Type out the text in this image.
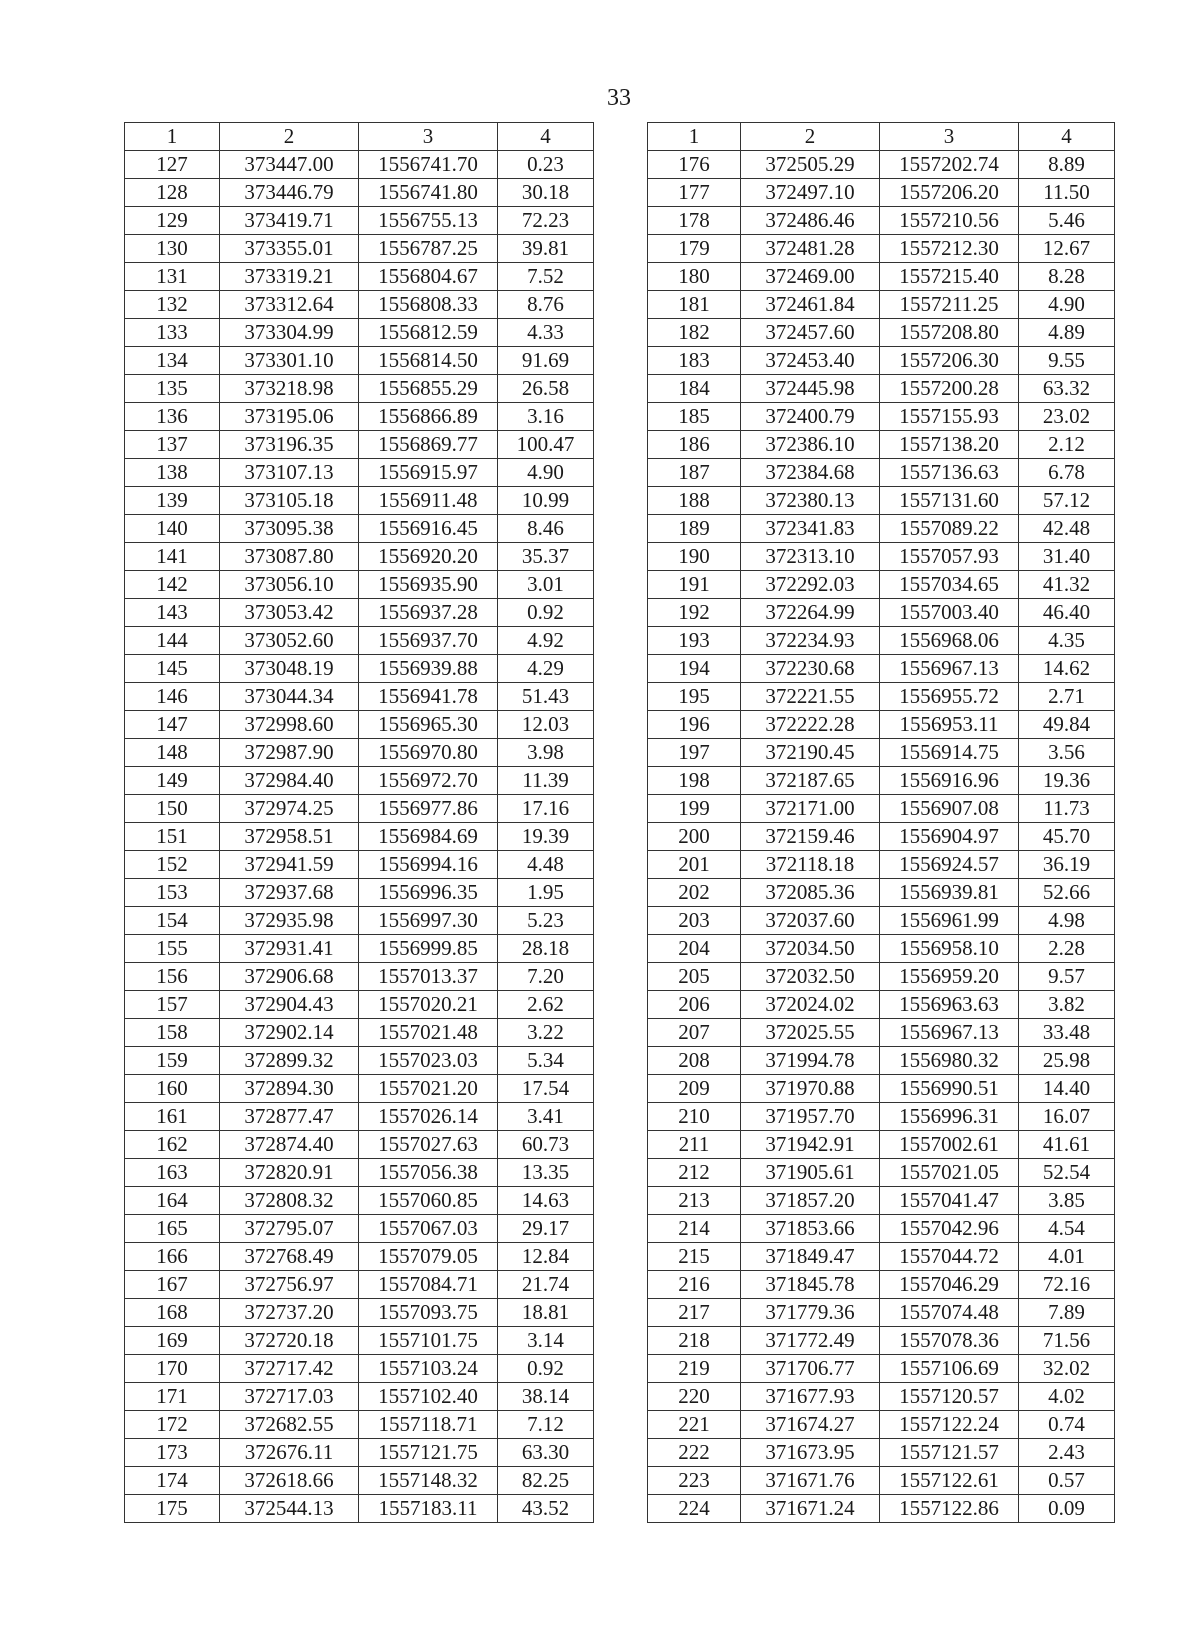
33
1	2	3	4
127	373447.00	1556741.70	0.23
128	373446.79	1556741.80	30.18
129	373419.71	1556755.13	72.23
130	373355.01	1556787.25	39.81
131	373319.21	1556804.67	7.52
132	373312.64	1556808.33	8.76
133	373304.99	1556812.59	4.33
134	373301.10	1556814.50	91.69
135	373218.98	1556855.29	26.58
136	373195.06	1556866.89	3.16
137	373196.35	1556869.77	100.47
138	373107.13	1556915.97	4.90
139	373105.18	1556911.48	10.99
140	373095.38	1556916.45	8.46
141	373087.80	1556920.20	35.37
142	373056.10	1556935.90	3.01
143	373053.42	1556937.28	0.92
144	373052.60	1556937.70	4.92
145	373048.19	1556939.88	4.29
146	373044.34	1556941.78	51.43
147	372998.60	1556965.30	12.03
148	372987.90	1556970.80	3.98
149	372984.40	1556972.70	11.39
150	372974.25	1556977.86	17.16
151	372958.51	1556984.69	19.39
152	372941.59	1556994.16	4.48
153	372937.68	1556996.35	1.95
154	372935.98	1556997.30	5.23
155	372931.41	1556999.85	28.18
156	372906.68	1557013.37	7.20
157	372904.43	1557020.21	2.62
158	372902.14	1557021.48	3.22
159	372899.32	1557023.03	5.34
160	372894.30	1557021.20	17.54
161	372877.47	1557026.14	3.41
162	372874.40	1557027.63	60.73
163	372820.91	1557056.38	13.35
164	372808.32	1557060.85	14.63
165	372795.07	1557067.03	29.17
166	372768.49	1557079.05	12.84
167	372756.97	1557084.71	21.74
168	372737.20	1557093.75	18.81
169	372720.18	1557101.75	3.14
170	372717.42	1557103.24	0.92
171	372717.03	1557102.40	38.14
172	372682.55	1557118.71	7.12
173	372676.11	1557121.75	63.30
174	372618.66	1557148.32	82.25
175	372544.13	1557183.11	43.52
1	2	3	4
176	372505.29	1557202.74	8.89
177	372497.10	1557206.20	11.50
178	372486.46	1557210.56	5.46
179	372481.28	1557212.30	12.67
180	372469.00	1557215.40	8.28
181	372461.84	1557211.25	4.90
182	372457.60	1557208.80	4.89
183	372453.40	1557206.30	9.55
184	372445.98	1557200.28	63.32
185	372400.79	1557155.93	23.02
186	372386.10	1557138.20	2.12
187	372384.68	1557136.63	6.78
188	372380.13	1557131.60	57.12
189	372341.83	1557089.22	42.48
190	372313.10	1557057.93	31.40
191	372292.03	1557034.65	41.32
192	372264.99	1557003.40	46.40
193	372234.93	1556968.06	4.35
194	372230.68	1556967.13	14.62
195	372221.55	1556955.72	2.71
196	372222.28	1556953.11	49.84
197	372190.45	1556914.75	3.56
198	372187.65	1556916.96	19.36
199	372171.00	1556907.08	11.73
200	372159.46	1556904.97	45.70
201	372118.18	1556924.57	36.19
202	372085.36	1556939.81	52.66
203	372037.60	1556961.99	4.98
204	372034.50	1556958.10	2.28
205	372032.50	1556959.20	9.57
206	372024.02	1556963.63	3.82
207	372025.55	1556967.13	33.48
208	371994.78	1556980.32	25.98
209	371970.88	1556990.51	14.40
210	371957.70	1556996.31	16.07
211	371942.91	1557002.61	41.61
212	371905.61	1557021.05	52.54
213	371857.20	1557041.47	3.85
214	371853.66	1557042.96	4.54
215	371849.47	1557044.72	4.01
216	371845.78	1557046.29	72.16
217	371779.36	1557074.48	7.89
218	371772.49	1557078.36	71.56
219	371706.77	1557106.69	32.02
220	371677.93	1557120.57	4.02
221	371674.27	1557122.24	0.74
222	371673.95	1557121.57	2.43
223	371671.76	1557122.61	0.57
224	371671.24	1557122.86	0.09
